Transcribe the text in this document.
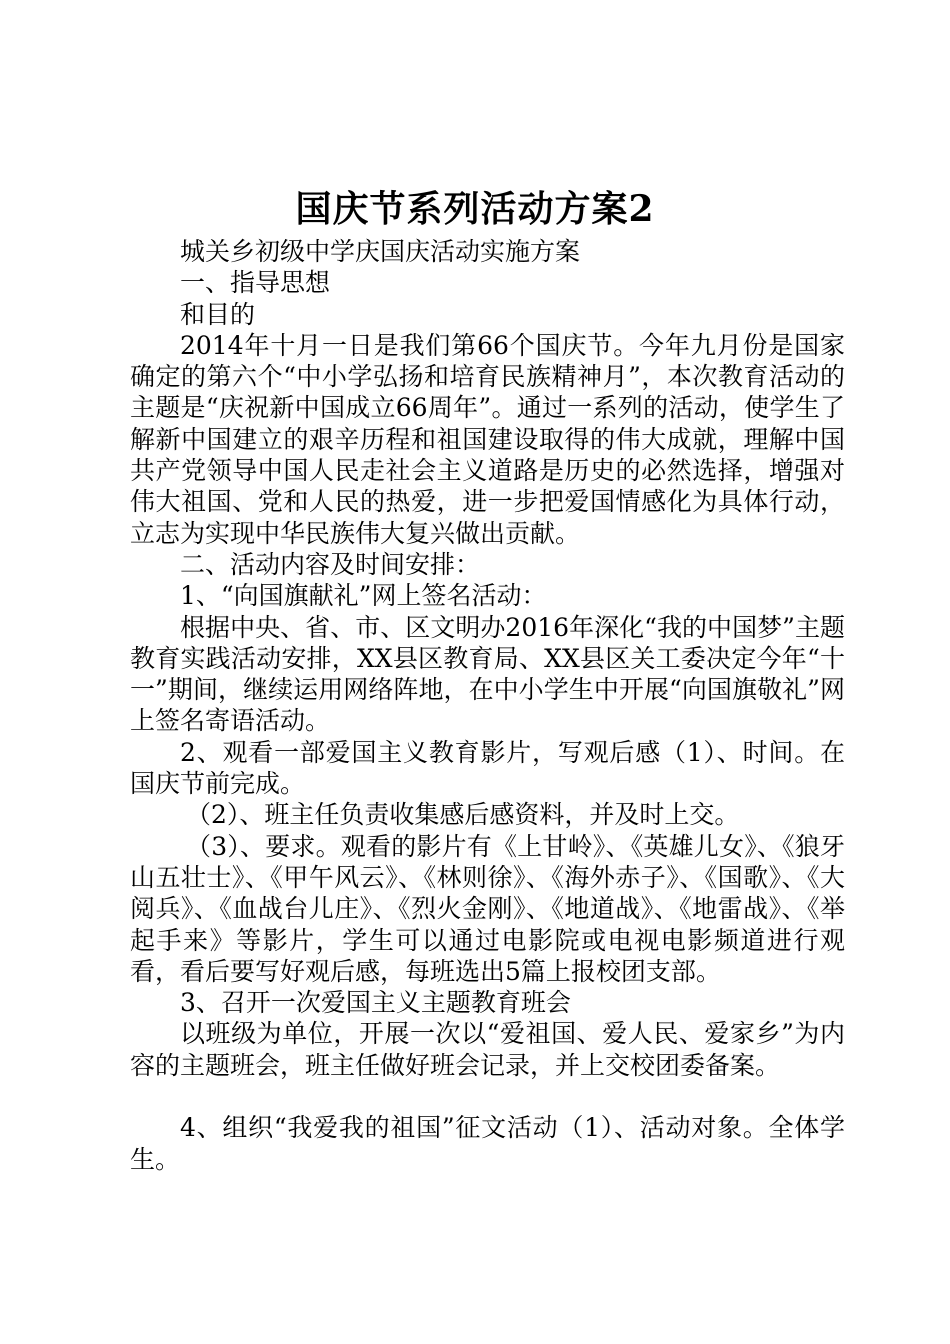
国庆节系列活动方案2

城关乡初级中学庆国庆活动实施方案

一、指导思想

和目的

2014年十月一日是我们第66个国庆节。今年九月份是国家确定的第六个“中小学弘扬和培育民族精神月”，本次教育活动的主题是“庆祝新中国成立66周年”。通过一系列的活动，使学生了解新中国建立的艰辛历程和祖国建设取得的伟大成就，理解中国共产党领导中国人民走社会主义道路是历史的必然选择，增强对伟大祖国、党和人民的热爱，进一步把爱国情感化为具体行动，立志为实现中华民族伟大复兴做出贡献。

二、活动内容及时间安排：

1、“向国旗献礼”网上签名活动：

根据中央、省、市、区文明办2016年深化“我的中国梦”主题教育实践活动安排，XX县区教育局、XX县区关工委决定今年“十一”期间，继续运用网络阵地，在中小学生中开展“向国旗敬礼”网上签名寄语活动。

2、观看一部爱国主义教育影片，写观后感（1）、时间。在国庆节前完成。

（2）、班主任负责收集感后感资料，并及时上交。

（3）、要求。观看的影片有《上甘岭》、《英雄儿女》、《狼牙山五壮士》、《甲午风云》、《林则徐》、《海外赤子》、《国歌》、《大阅兵》、《血战台儿庄》、《烈火金刚》、《地道战》、《地雷战》、《举起手来》等影片，学生可以通过电影院或电视电影频道进行观看，看后要写好观后感，每班选出5篇上报校团支部。

3、召开一次爱国主义主题教育班会

以班级为单位，开展一次以“爱祖国、爱人民、爱家乡”为内容的主题班会，班主任做好班会记录，并上交校团委备案。

4、组织“我爱我的祖国”征文活动（1）、活动对象。全体学生。
